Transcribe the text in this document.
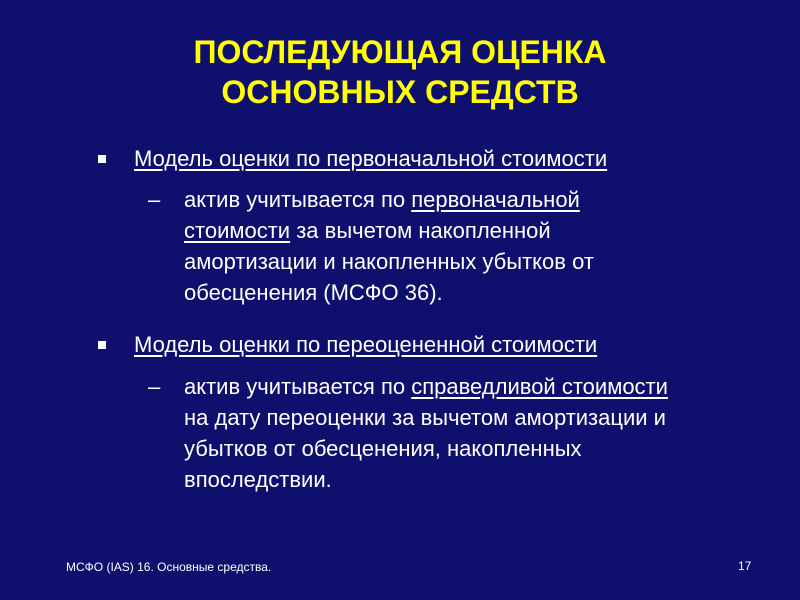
ПОСЛЕДУЮЩАЯ ОЦЕНКА
ОСНОВНЫХ СРЕДСТВ
Модель оценки по первоначальной стоимости
– актив учитывается по первоначальной
стоимости за вычетом накопленной
амортизации и накопленных убытков от
обесценения (МСФО 36).
Модель оценки по переоцененной стоимости
– актив учитывается по справедливой стоимости
на дату переоценки за вычетом амортизации и
убытков от обесценения, накопленных
впоследствии.
МСФО (IAS) 16. Основные средства.	17
